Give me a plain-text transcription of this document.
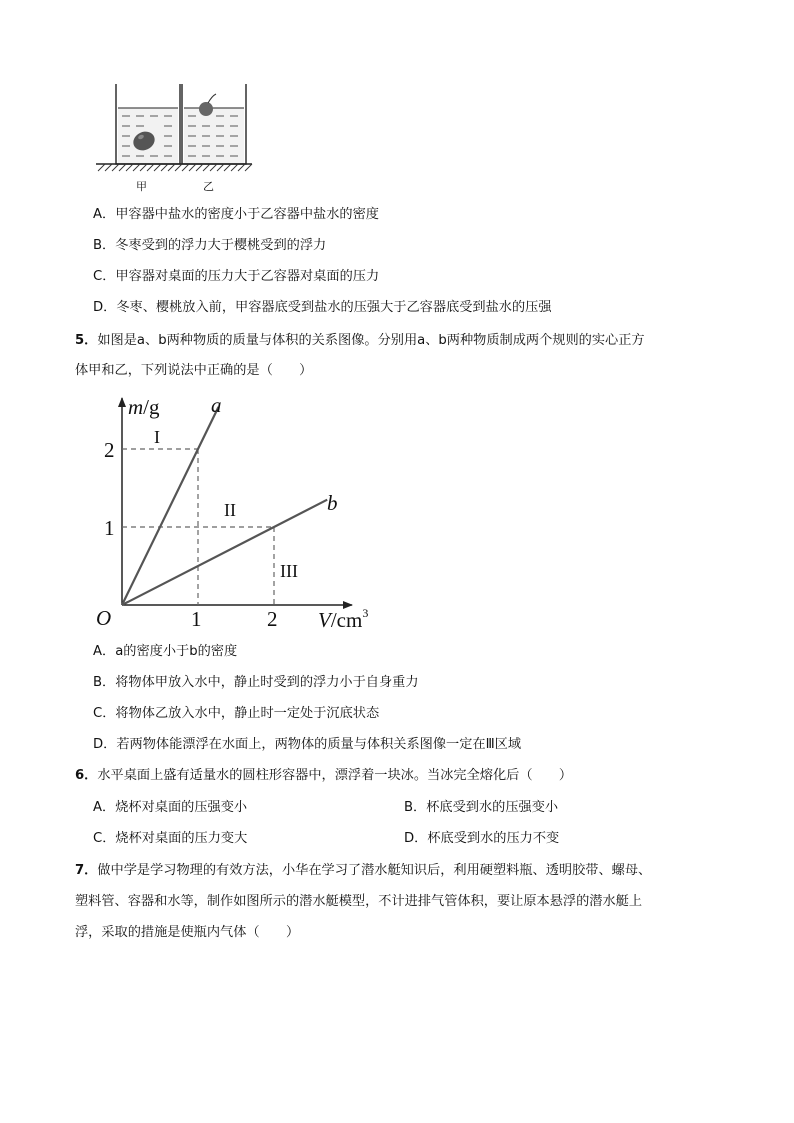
甲	乙
A．甲容器中盐水的密度小于乙容器中盐水的密度
B．冬枣受到的浮力大于樱桃受到的浮力
C．甲容器对桌面的压力大于乙容器对桌面的压力
D．冬枣、樱桃放入前，甲容器底受到盐水的压强大于乙容器底受到盐水的压强
5．如图是a、b两种物质的质量与体积的关系图像。分别用a、b两种物质制成两个规则的实心正方
体甲和乙，下列说法中正确的是（　　）
m/g
$V/cm^3$
O	1	2
1
2
a
b
I
II
III
A．a的密度小于b的密度
B．将物体甲放入水中，静止时受到的浮力小于自身重力
C．将物体乙放入水中，静止时一定处于沉底状态
D．若两物体能漂浮在水面上，两物体的质量与体积关系图像一定在Ⅲ区域
6．水平桌面上盛有适量水的圆柱形容器中，漂浮着一块冰。当冰完全熔化后（　　）
A．烧杯对桌面的压强变小	B．杯底受到水的压强变小
C．烧杯对桌面的压力变大	D．杯底受到水的压力不变
7．做中学是学习物理的有效方法，小华在学习了潜水艇知识后，利用硬塑料瓶、透明胶带、螺母、
塑料管、容器和水等，制作如图所示的潜水艇模型，不计进排气管体积，要让原本悬浮的潜水艇上
浮，采取的措施是使瓶内气体（　　）
